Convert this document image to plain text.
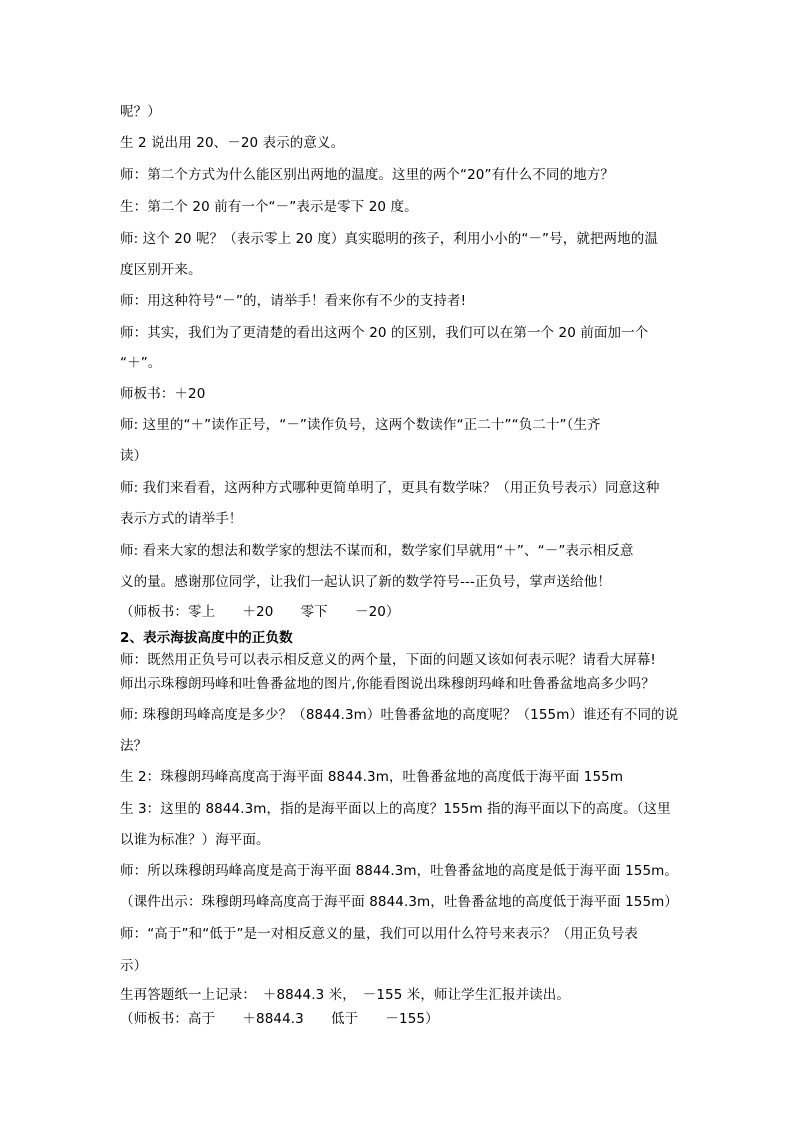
呢？）
生 2 说出用 20、－20 表示的意义。
师：第二个方式为什么能区别出两地的温度。这里的两个“20”有什么不同的地方？
生：第二个 20 前有一个“－”表示是零下 20 度。
师: 这个 20 呢？（表示零上 20 度）真实聪明的孩子，利用小小的“－”号，就把两地的温
度区别开来。
师：用这种符号“－”的，请举手！看来你有不少的支持者!
师：其实，我们为了更清楚的看出这两个 20 的区别，我们可以在第一个 20 前面加一个
“＋”。
师板书：＋20
师: 这里的“＋”读作正号，“－”读作负号，这两个数读作“正二十”“负二十”（生齐
读）
师: 我们来看看，这两种方式哪种更简单明了，更具有数学味？（用正负号表示）同意这种
表示方式的请举手！
师: 看来大家的想法和数学家的想法不谋而和，数学家们早就用“＋”、“－”表示相反意
义的量。感谢那位同学，让我们一起认识了新的数学符号---正负号，掌声送给他！
（师板书：零上　　＋20　　零下　　－20）
2、表示海拔高度中的正负数
师：既然用正负号可以表示相反意义的两个量，下面的问题又该如何表示呢？请看大屏幕!
师出示珠穆朗玛峰和吐鲁番盆地的图片,你能看图说出珠穆朗玛峰和吐鲁番盆地高多少吗？
师: 珠穆朗玛峰高度是多少？（8844.3m）吐鲁番盆地的高度呢？（155m）谁还有不同的说
法？
生 2：珠穆朗玛峰高度高于海平面 8844.3m，吐鲁番盆地的高度低于海平面 155m
生 3：这里的 8844.3m，指的是海平面以上的高度？155m 指的海平面以下的高度。（这里
以谁为标准？）海平面。
师：所以珠穆朗玛峰高度是高于海平面 8844.3m，吐鲁番盆地的高度是低于海平面 155m。
（课件出示：珠穆朗玛峰高度高于海平面 8844.3m，吐鲁番盆地的高度低于海平面 155m）
师：“高于”和“低于”是一对相反意义的量，我们可以用什么符号来表示？（用正负号表
示）
生再答题纸一上记录：　＋8844.3 米，　－155 米，师让学生汇报并读出。
（师板书：高于　　＋8844.3　　低于　　－155）
